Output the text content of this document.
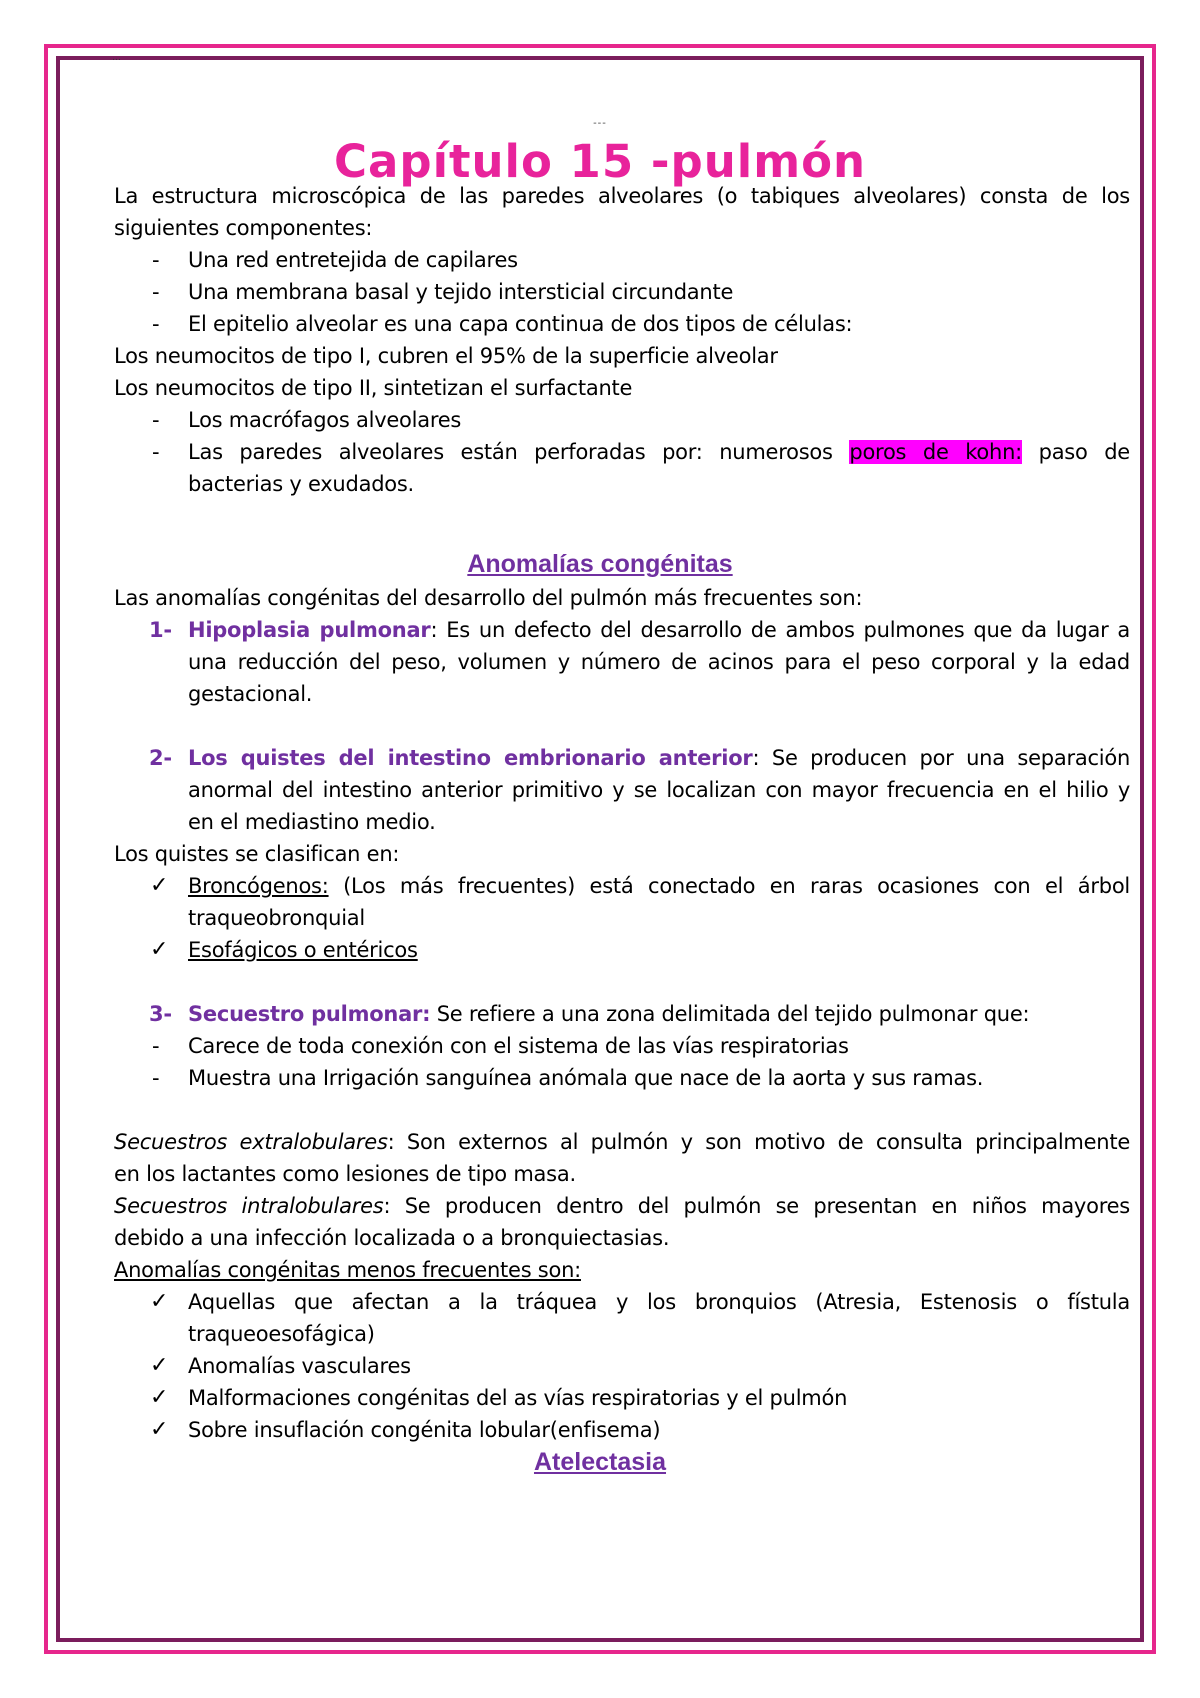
…
---
Capítulo 15 -pulmón
La estructura microscópica de las paredes alveolares (o tabiques alveolares) consta de los
siguientes componentes:
- Una red entretejida de capilares
- Una membrana basal y tejido intersticial circundante
- El epitelio alveolar es una capa continua de dos tipos de células:
Los neumocitos de tipo I, cubren el 95% de la superficie alveolar
Los neumocitos de tipo II, sintetizan el surfactante
- Los macrófagos alveolares
- Las paredes alveolares están perforadas por: numerosos poros de kohn: paso de
bacterias y exudados.
Anomalías congénitas
Las anomalías congénitas del desarrollo del pulmón más frecuentes son:
1- Hipoplasia pulmonar: Es un defecto del desarrollo de ambos pulmones que da lugar a
una reducción del peso, volumen y número de acinos para el peso corporal y la edad
gestacional.
2- Los quistes del intestino embrionario anterior: Se producen por una separación
anormal del intestino anterior primitivo y se localizan con mayor frecuencia en el hilio y
en el mediastino medio.
Los quistes se clasifican en:
✓ Broncógenos: (Los más frecuentes) está conectado en raras ocasiones con el árbol
traqueobronquial
✓ Esofágicos o entéricos
3- Secuestro pulmonar: Se refiere a una zona delimitada del tejido pulmonar que:
- Carece de toda conexión con el sistema de las vías respiratorias
- Muestra una Irrigación sanguínea anómala que nace de la aorta y sus ramas.
Secuestros extralobulares: Son externos al pulmón y son motivo de consulta principalmente
en los lactantes como lesiones de tipo masa.
Secuestros intralobulares: Se producen dentro del pulmón se presentan en niños mayores
debido a una infección localizada o a bronquiectasias.
Anomalías congénitas menos frecuentes son:
✓ Aquellas que afectan a la tráquea y los bronquios (Atresia, Estenosis o fístula
traqueoesofágica)
✓ Anomalías vasculares
✓ Malformaciones congénitas del as vías respiratorias y el pulmón
✓ Sobre insuflación congénita lobular(enfisema)
Atelectasia
